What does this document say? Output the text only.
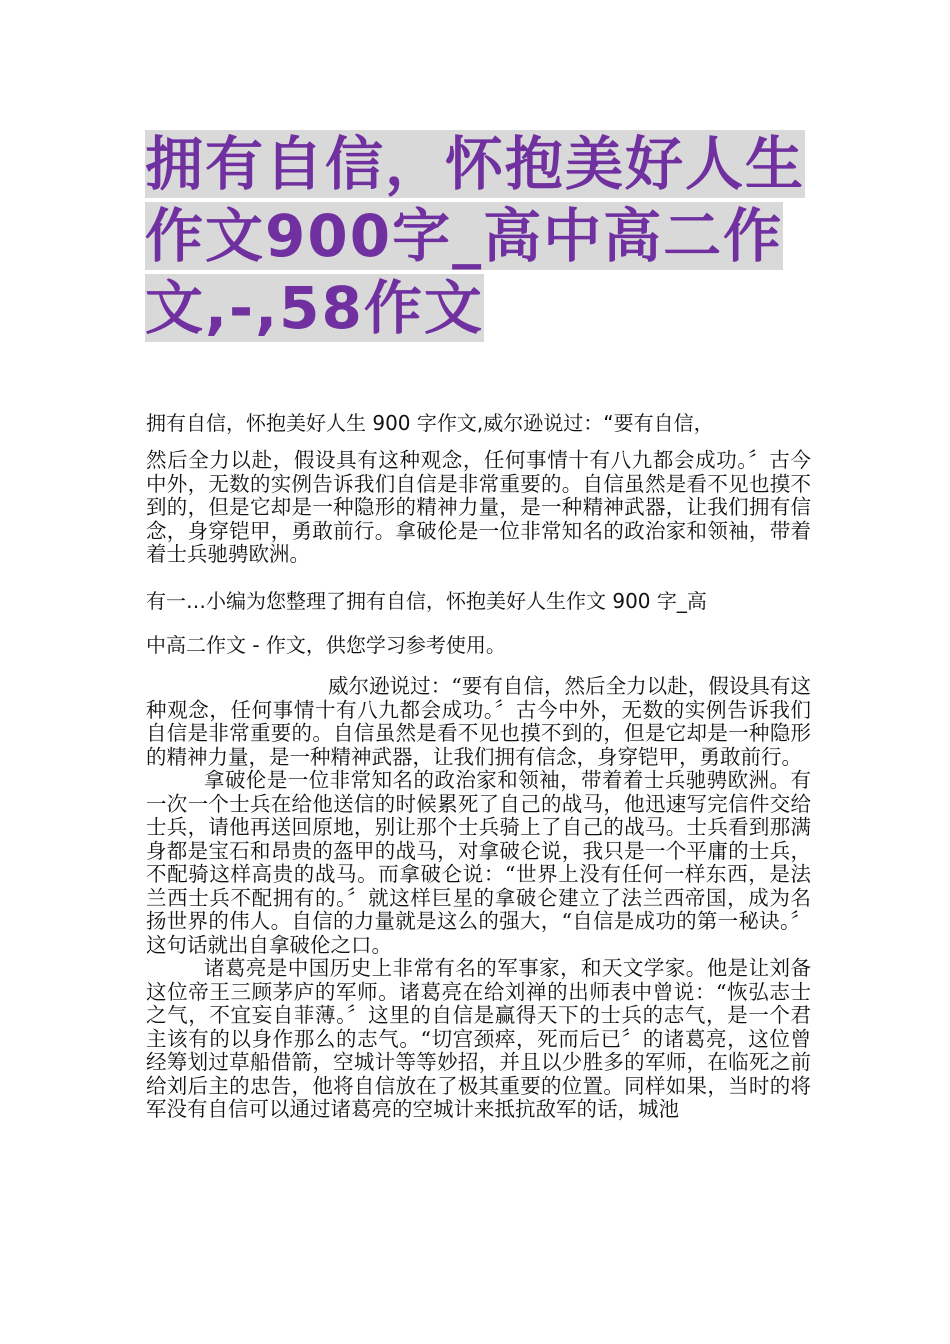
拥有自信，怀抱美好人生作文900字_高中高二作文,-,58作文
拥有自信，怀抱美好人生 900 字作文,威尔逊说过：“要有自信，

然后全力以赴，假设具有这种观念，任何事情十有八九都会成功。〞古今中外，无数的实例告诉我们自信是非常重要的。自信虽然是看不见也摸不到的，但是它却是一种隐形的精神力量，是一种精神武器，让我们拥有信念，身穿铠甲，勇敢前行。拿破伦是一位非常知名的政治家和领袖，带着着士兵驰骋欧洲。

有一…小编为您整理了拥有自信，怀抱美好人生作文 900 字_高
中高二作文 - 作文，供您学习参考使用。

威尔逊说过：“要有自信，然后全力以赴，假设具有这种观念，任何事情十有八九都会成功。〞古今中外，无数的实例告诉我们自信是非常重要的。自信虽然是看不见也摸不到的，但是它却是一种隐形的精神力量，是一种精神武器，让我们拥有信念，身穿铠甲，勇敢前行。

拿破伦是一位非常知名的政治家和领袖，带着着士兵驰骋欧洲。有一次一个士兵在给他送信的时候累死了自己的战马，他迅速写完信件交给士兵，请他再送回原地，别让那个士兵骑上了自己的战马。士兵看到那满身都是宝石和昂贵的盔甲的战马，对拿破仑说，我只是一个平庸的士兵，不配骑这样高贵的战马。而拿破仑说：“世界上没有任何一样东西，是法兰西士兵不配拥有的。〞就这样巨星的拿破仑建立了法兰西帝国，成为名扬世界的伟人。自信的力量就是这么的强大，“自信是成功的第一秘诀。〞这句话就出自拿破伦之口。

诸葛亮是中国历史上非常有名的军事家，和天文学家。他是让刘备这位帝王三顾茅庐的军师。诸葛亮在给刘禅的出师表中曾说：“恢弘志士之气，不宜妄自菲薄。〞这里的自信是赢得天下的士兵的志气，是一个君主该有的以身作那么的志气。“切宫颈瘁，死而后已〞的诸葛亮，这位曾经筹划过草船借箭，空城计等等妙招，并且以少胜多的军师，在临死之前给刘后主的忠告，他将自信放在了极其重要的位置。同样如果，当时的将军没有自信可以通过诸葛亮的空城计来抵抗敌军的话，城池
